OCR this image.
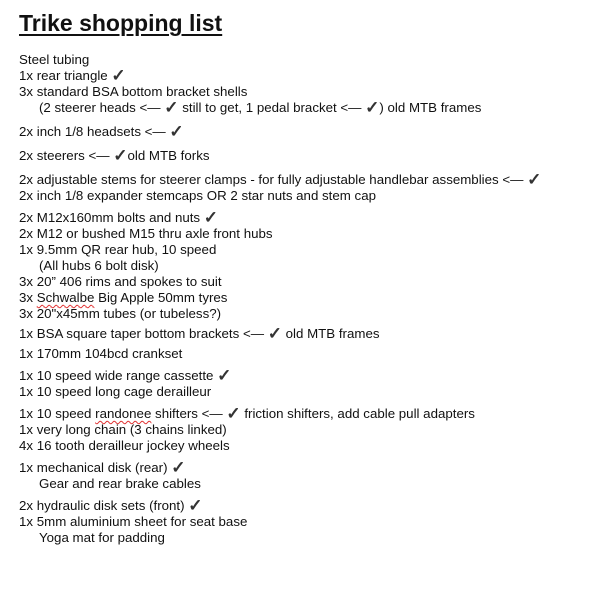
Trike shopping list
Steel tubing
1x rear triangle ✓
3x standard BSA bottom bracket shells
(2 steerer heads <— ✓ still to get, 1 pedal bracket <— ✓) old MTB frames
2x inch 1/8 headsets <— ✓
2x steerers <— ✓old MTB forks
2x adjustable stems for steerer clamps - for fully adjustable handlebar assemblies <— ✓
2x inch 1/8 expander stemcaps OR 2 star nuts and stem cap
2x M12x160mm bolts and nuts ✓
2x M12 or bushed M15 thru axle front hubs
1x 9.5mm QR rear hub, 10 speed
(All hubs 6 bolt disk)
3x 20” 406 rims and spokes to suit
3x Schwalbe Big Apple 50mm tyres
3x 20"x45mm tubes (or tubeless?)
1x BSA square taper bottom brackets <— ✓ old MTB frames
1x 170mm 104bcd crankset
1x 10 speed wide range cassette ✓
1x 10 speed long cage derailleur
1x 10 speed randonee shifters <— ✓ friction shifters, add cable pull adapters
1x very long chain (3 chains linked)
4x 16 tooth derailleur jockey wheels
1x mechanical disk (rear) ✓
Gear and rear brake cables
2x hydraulic disk sets (front) ✓
1x 5mm aluminium sheet for seat base
Yoga mat for padding
